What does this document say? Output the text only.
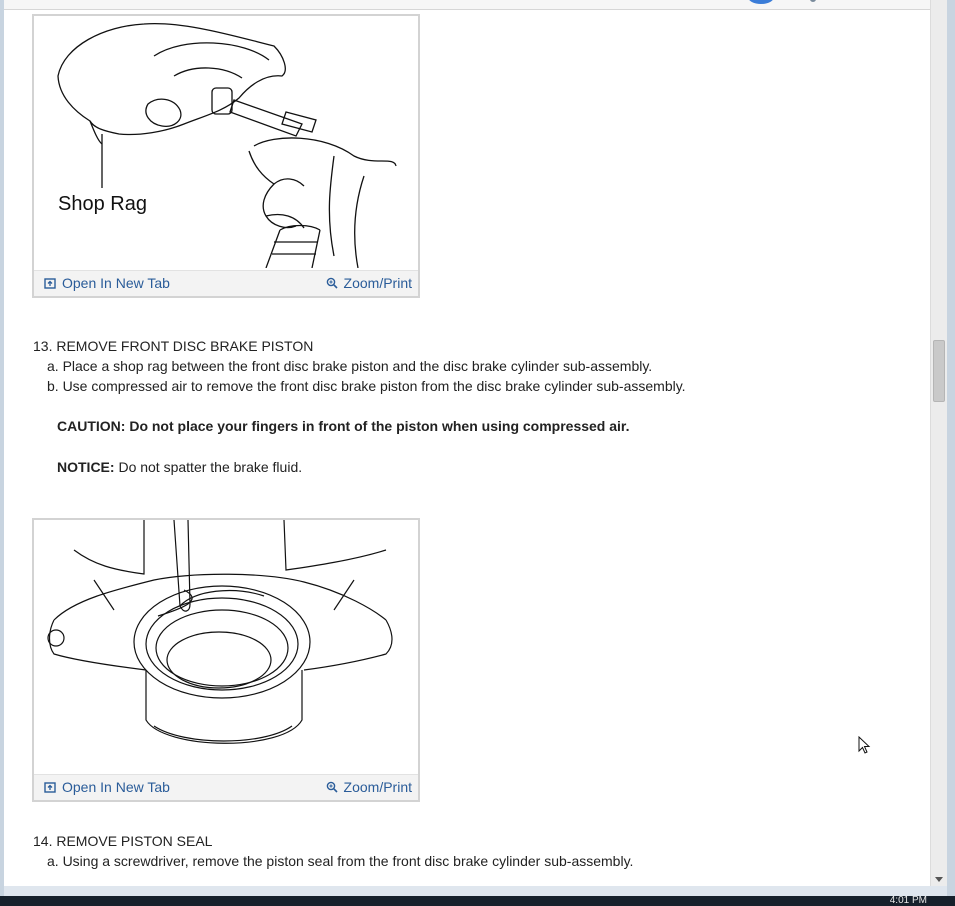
Shop Rag
Open In New Tab	Zoom/Print
13. REMOVE FRONT DISC BRAKE PISTON
a. Place a shop rag between the front disc brake piston and the disc brake cylinder sub-assembly.
b. Use compressed air to remove the front disc brake piston from the disc brake cylinder sub-assembly.
CAUTION: Do not place your fingers in front of the piston when using compressed air.
NOTICE: Do not spatter the brake fluid.
Open In New Tab	Zoom/Print
14. REMOVE PISTON SEAL
a. Using a screwdriver, remove the piston seal from the front disc brake cylinder sub-assembly.
4:01 PM
